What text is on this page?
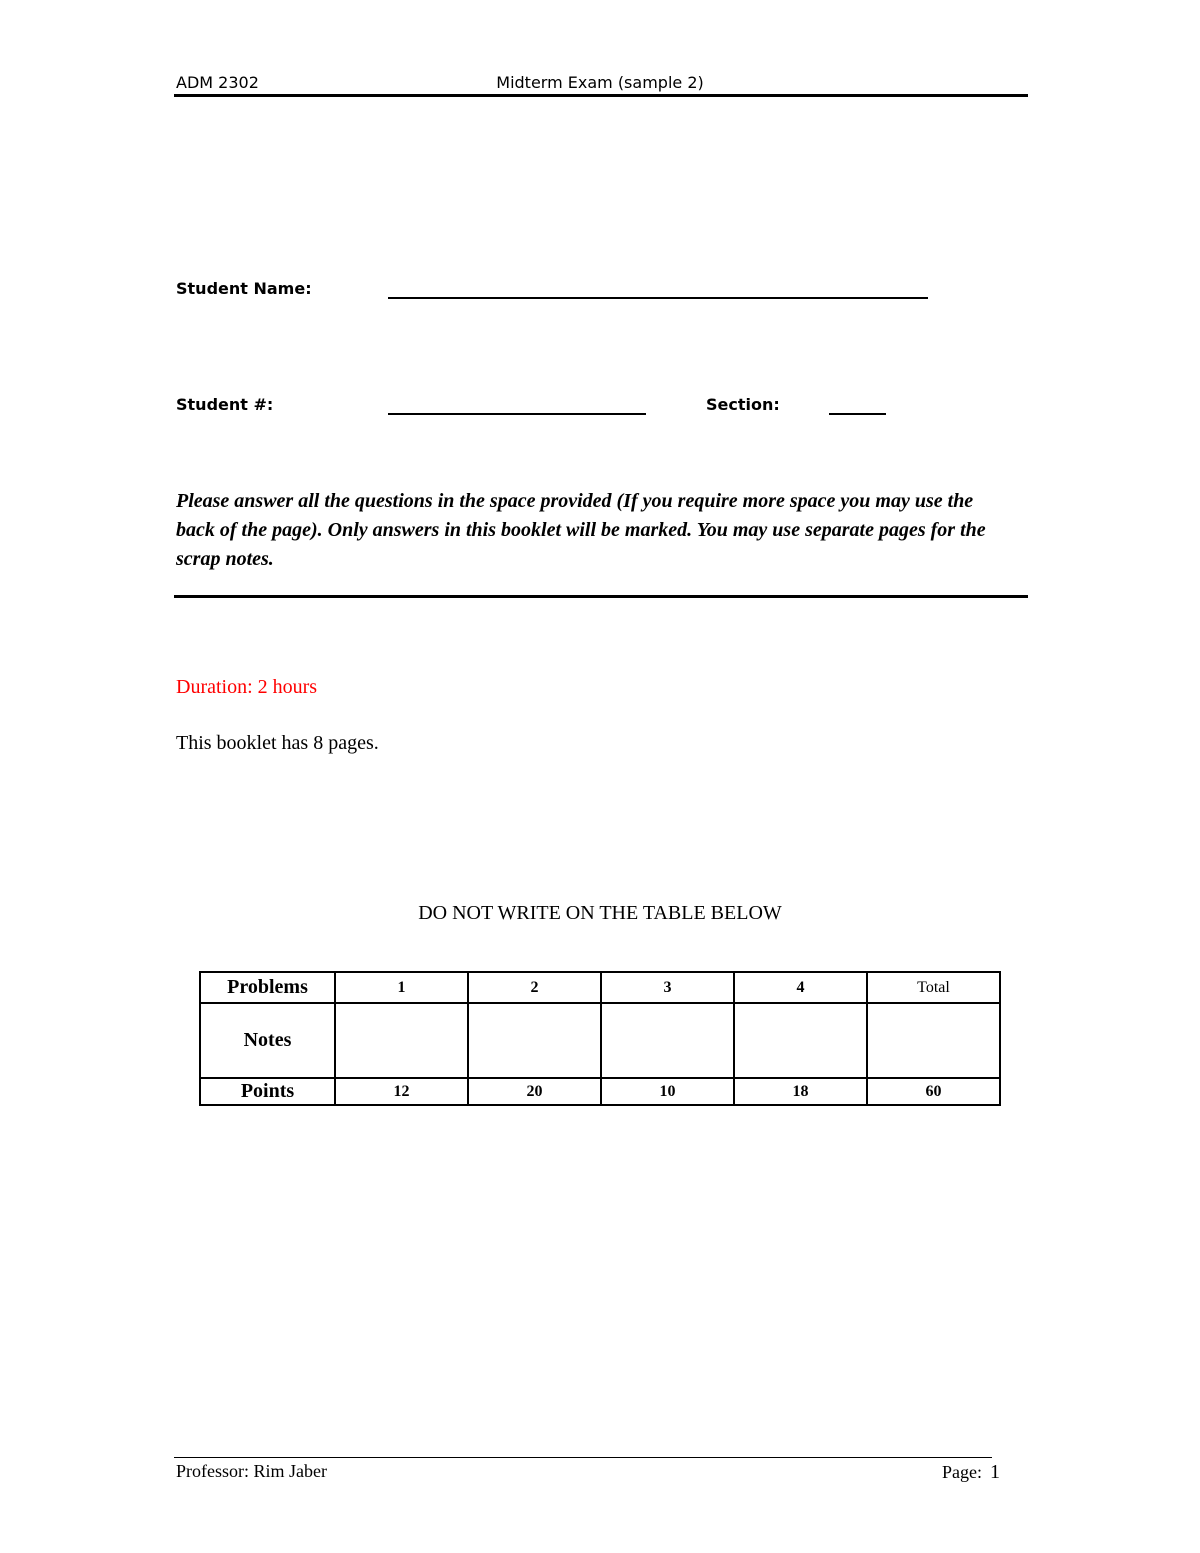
Midterm Exam (sample 2)
ADM 2302
Student Name:
Student #:	Section:
Please answer all the questions in the space provided (If you require more space you may use the back of the page). Only answers in this booklet will be marked. You may use separate pages for the scrap notes.
Duration: 2 hours
This booklet has 8 pages.
DO NOT WRITE ON THE TABLE BELOW
Problems	1	2	3	4	Total
Notes					
Points	12	20	10	18	60
Professor: Rim Jaber	Page: 1
